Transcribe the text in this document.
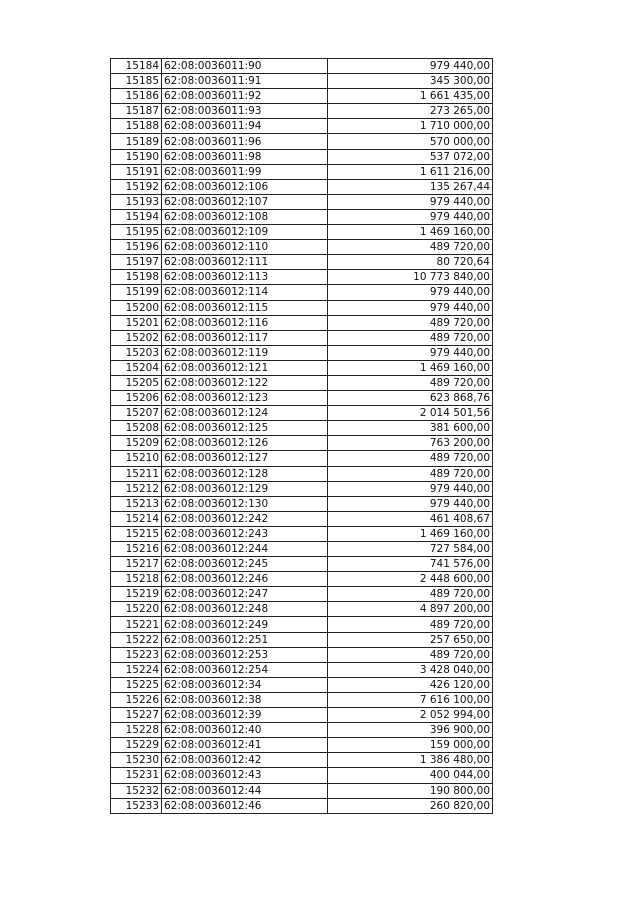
15184	62:08:0036011:90	979 440,00
15185	62:08:0036011:91	345 300,00
15186	62:08:0036011:92	1 661 435,00
15187	62:08:0036011:93	273 265,00
15188	62:08:0036011:94	1 710 000,00
15189	62:08:0036011:96	570 000,00
15190	62:08:0036011:98	537 072,00
15191	62:08:0036011:99	1 611 216,00
15192	62:08:0036012:106	135 267,44
15193	62:08:0036012:107	979 440,00
15194	62:08:0036012:108	979 440,00
15195	62:08:0036012:109	1 469 160,00
15196	62:08:0036012:110	489 720,00
15197	62:08:0036012:111	80 720,64
15198	62:08:0036012:113	10 773 840,00
15199	62:08:0036012:114	979 440,00
15200	62:08:0036012:115	979 440,00
15201	62:08:0036012:116	489 720,00
15202	62:08:0036012:117	489 720,00
15203	62:08:0036012:119	979 440,00
15204	62:08:0036012:121	1 469 160,00
15205	62:08:0036012:122	489 720,00
15206	62:08:0036012:123	623 868,76
15207	62:08:0036012:124	2 014 501,56
15208	62:08:0036012:125	381 600,00
15209	62:08:0036012:126	763 200,00
15210	62:08:0036012:127	489 720,00
15211	62:08:0036012:128	489 720,00
15212	62:08:0036012:129	979 440,00
15213	62:08:0036012:130	979 440,00
15214	62:08:0036012:242	461 408,67
15215	62:08:0036012:243	1 469 160,00
15216	62:08:0036012:244	727 584,00
15217	62:08:0036012:245	741 576,00
15218	62:08:0036012:246	2 448 600,00
15219	62:08:0036012:247	489 720,00
15220	62:08:0036012:248	4 897 200,00
15221	62:08:0036012:249	489 720,00
15222	62:08:0036012:251	257 650,00
15223	62:08:0036012:253	489 720,00
15224	62:08:0036012:254	3 428 040,00
15225	62:08:0036012:34	426 120,00
15226	62:08:0036012:38	7 616 100,00
15227	62:08:0036012:39	2 052 994,00
15228	62:08:0036012:40	396 900,00
15229	62:08:0036012:41	159 000,00
15230	62:08:0036012:42	1 386 480,00
15231	62:08:0036012:43	400 044,00
15232	62:08:0036012:44	190 800,00
15233	62:08:0036012:46	260 820,00
